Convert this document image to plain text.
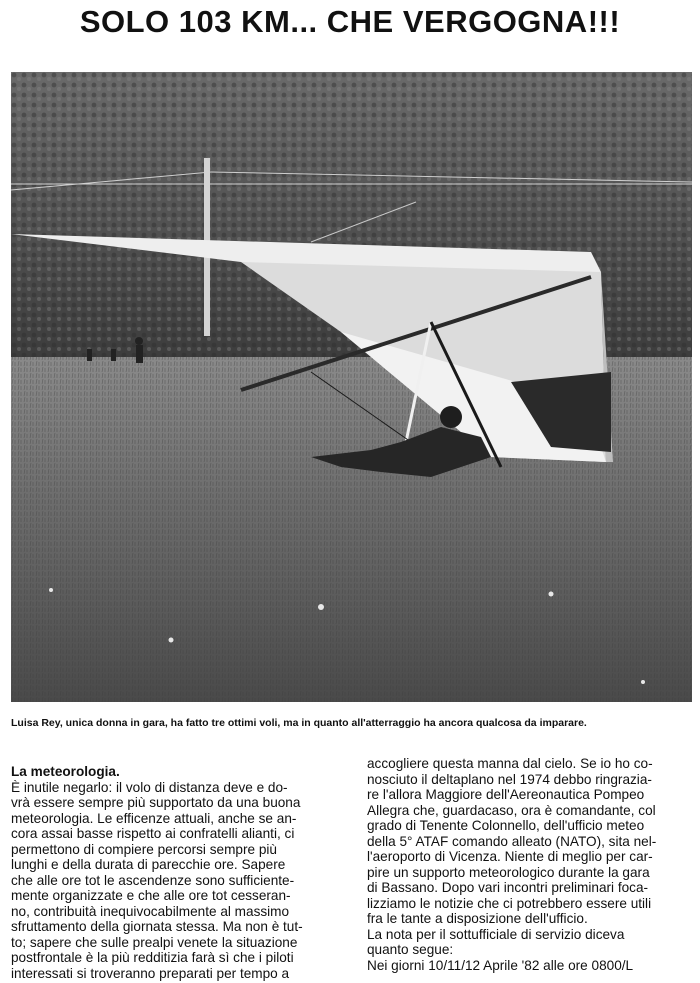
SOLO 103 KM... CHE VERGOGNA!!!
Luisa Rey, unica donna in gara, ha fatto tre ottimi voli, ma in quanto all'atterraggio ha ancora qualcosa da imparare.

La meteorologia.

È inutile negarlo: il volo di distanza deve e do-

vrà essere sempre più supportato da una buona

meteorologia. Le efficenze attuali, anche se an-

cora assai basse rispetto ai confratelli alianti, ci

permettono di compiere percorsi sempre più

lunghi e della durata di parecchie ore. Sapere

che alle ore tot le ascendenze sono sufficiente-

mente organizzate e che alle ore tot cesseran-

no, contribuità inequivocabilmente al massimo

sfruttamento della giornata stessa. Ma non è tut-

to; sapere che sulle prealpi venete la situazione

postfrontale è la più redditizia farà sì che i piloti

interessati si troveranno preparati per tempo a

accogliere questa manna dal cielo. Se io ho co-

nosciuto il deltaplano nel 1974 debbo ringrazia-

re l'allora Maggiore dell'Aereonautica Pompeo

Allegra che, guardacaso, ora è comandante, col

grado di Tenente Colonnello, dell'ufficio meteo

della 5° ATAF comando alleato (NATO), sita nel-

l'aeroporto di Vicenza. Niente di meglio per car-

pire un supporto meteorologico durante la gara

di Bassano. Dopo vari incontri preliminari foca-

lizziamo le notizie che ci potrebbero essere utili

fra le tante a disposizione dell'ufficio.

La nota per il sottufficiale di servizio diceva

quanto segue:

Nei giorni 10/11/12 Aprile '82 alle ore 0800/L
